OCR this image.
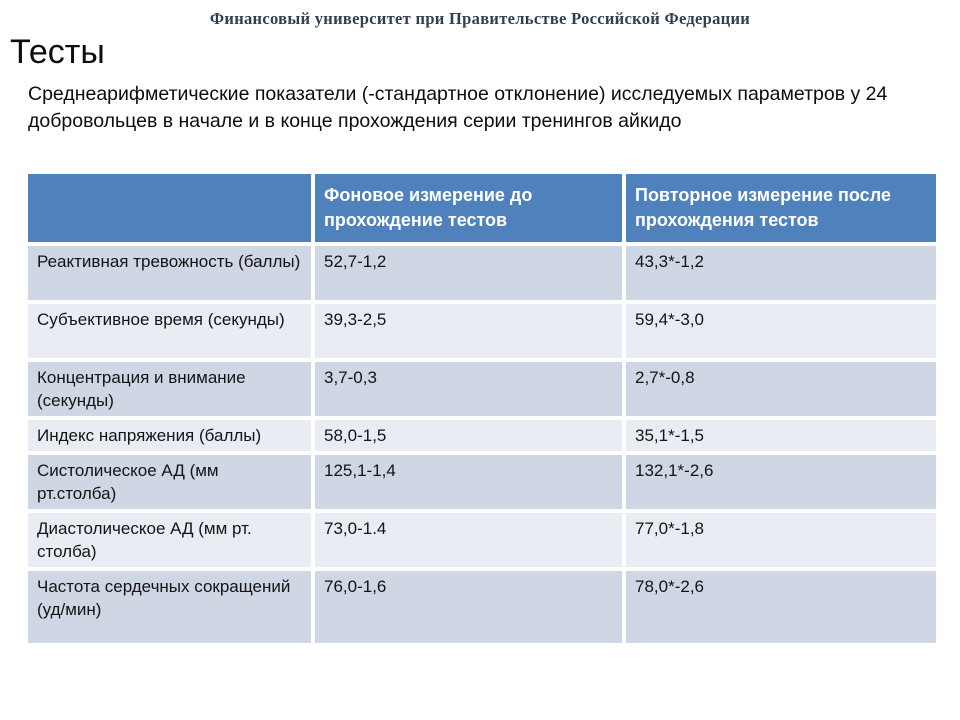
Финансовый университет при Правительстве Российской Федерации
Тесты
Среднеарифметические показатели (-стандартное отклонение) исследуемых параметров у 24 добровольцев в начале и в конце прохождения серии тренингов айкидо
	Фоновое измерение до прохождение тестов	Повторное измерение после прохождения тестов
Реактивная тревожность (баллы)	52,7-1,2	43,3*-1,2
Субъективное время (секунды)	39,3-2,5	59,4*-3,0
Концентрация и внимание (секунды)	3,7-0,3	2,7*-0,8
Индекс напряжения (баллы)	58,0-1,5	35,1*-1,5
Систолическое АД (мм рт.столба)	125,1-1,4	132,1*-2,6
Диастолическое АД (мм рт. столба)	73,0-1.4	77,0*-1,8
Частота сердечных сокращений (уд/мин)	76,0-1,6	78,0*-2,6
